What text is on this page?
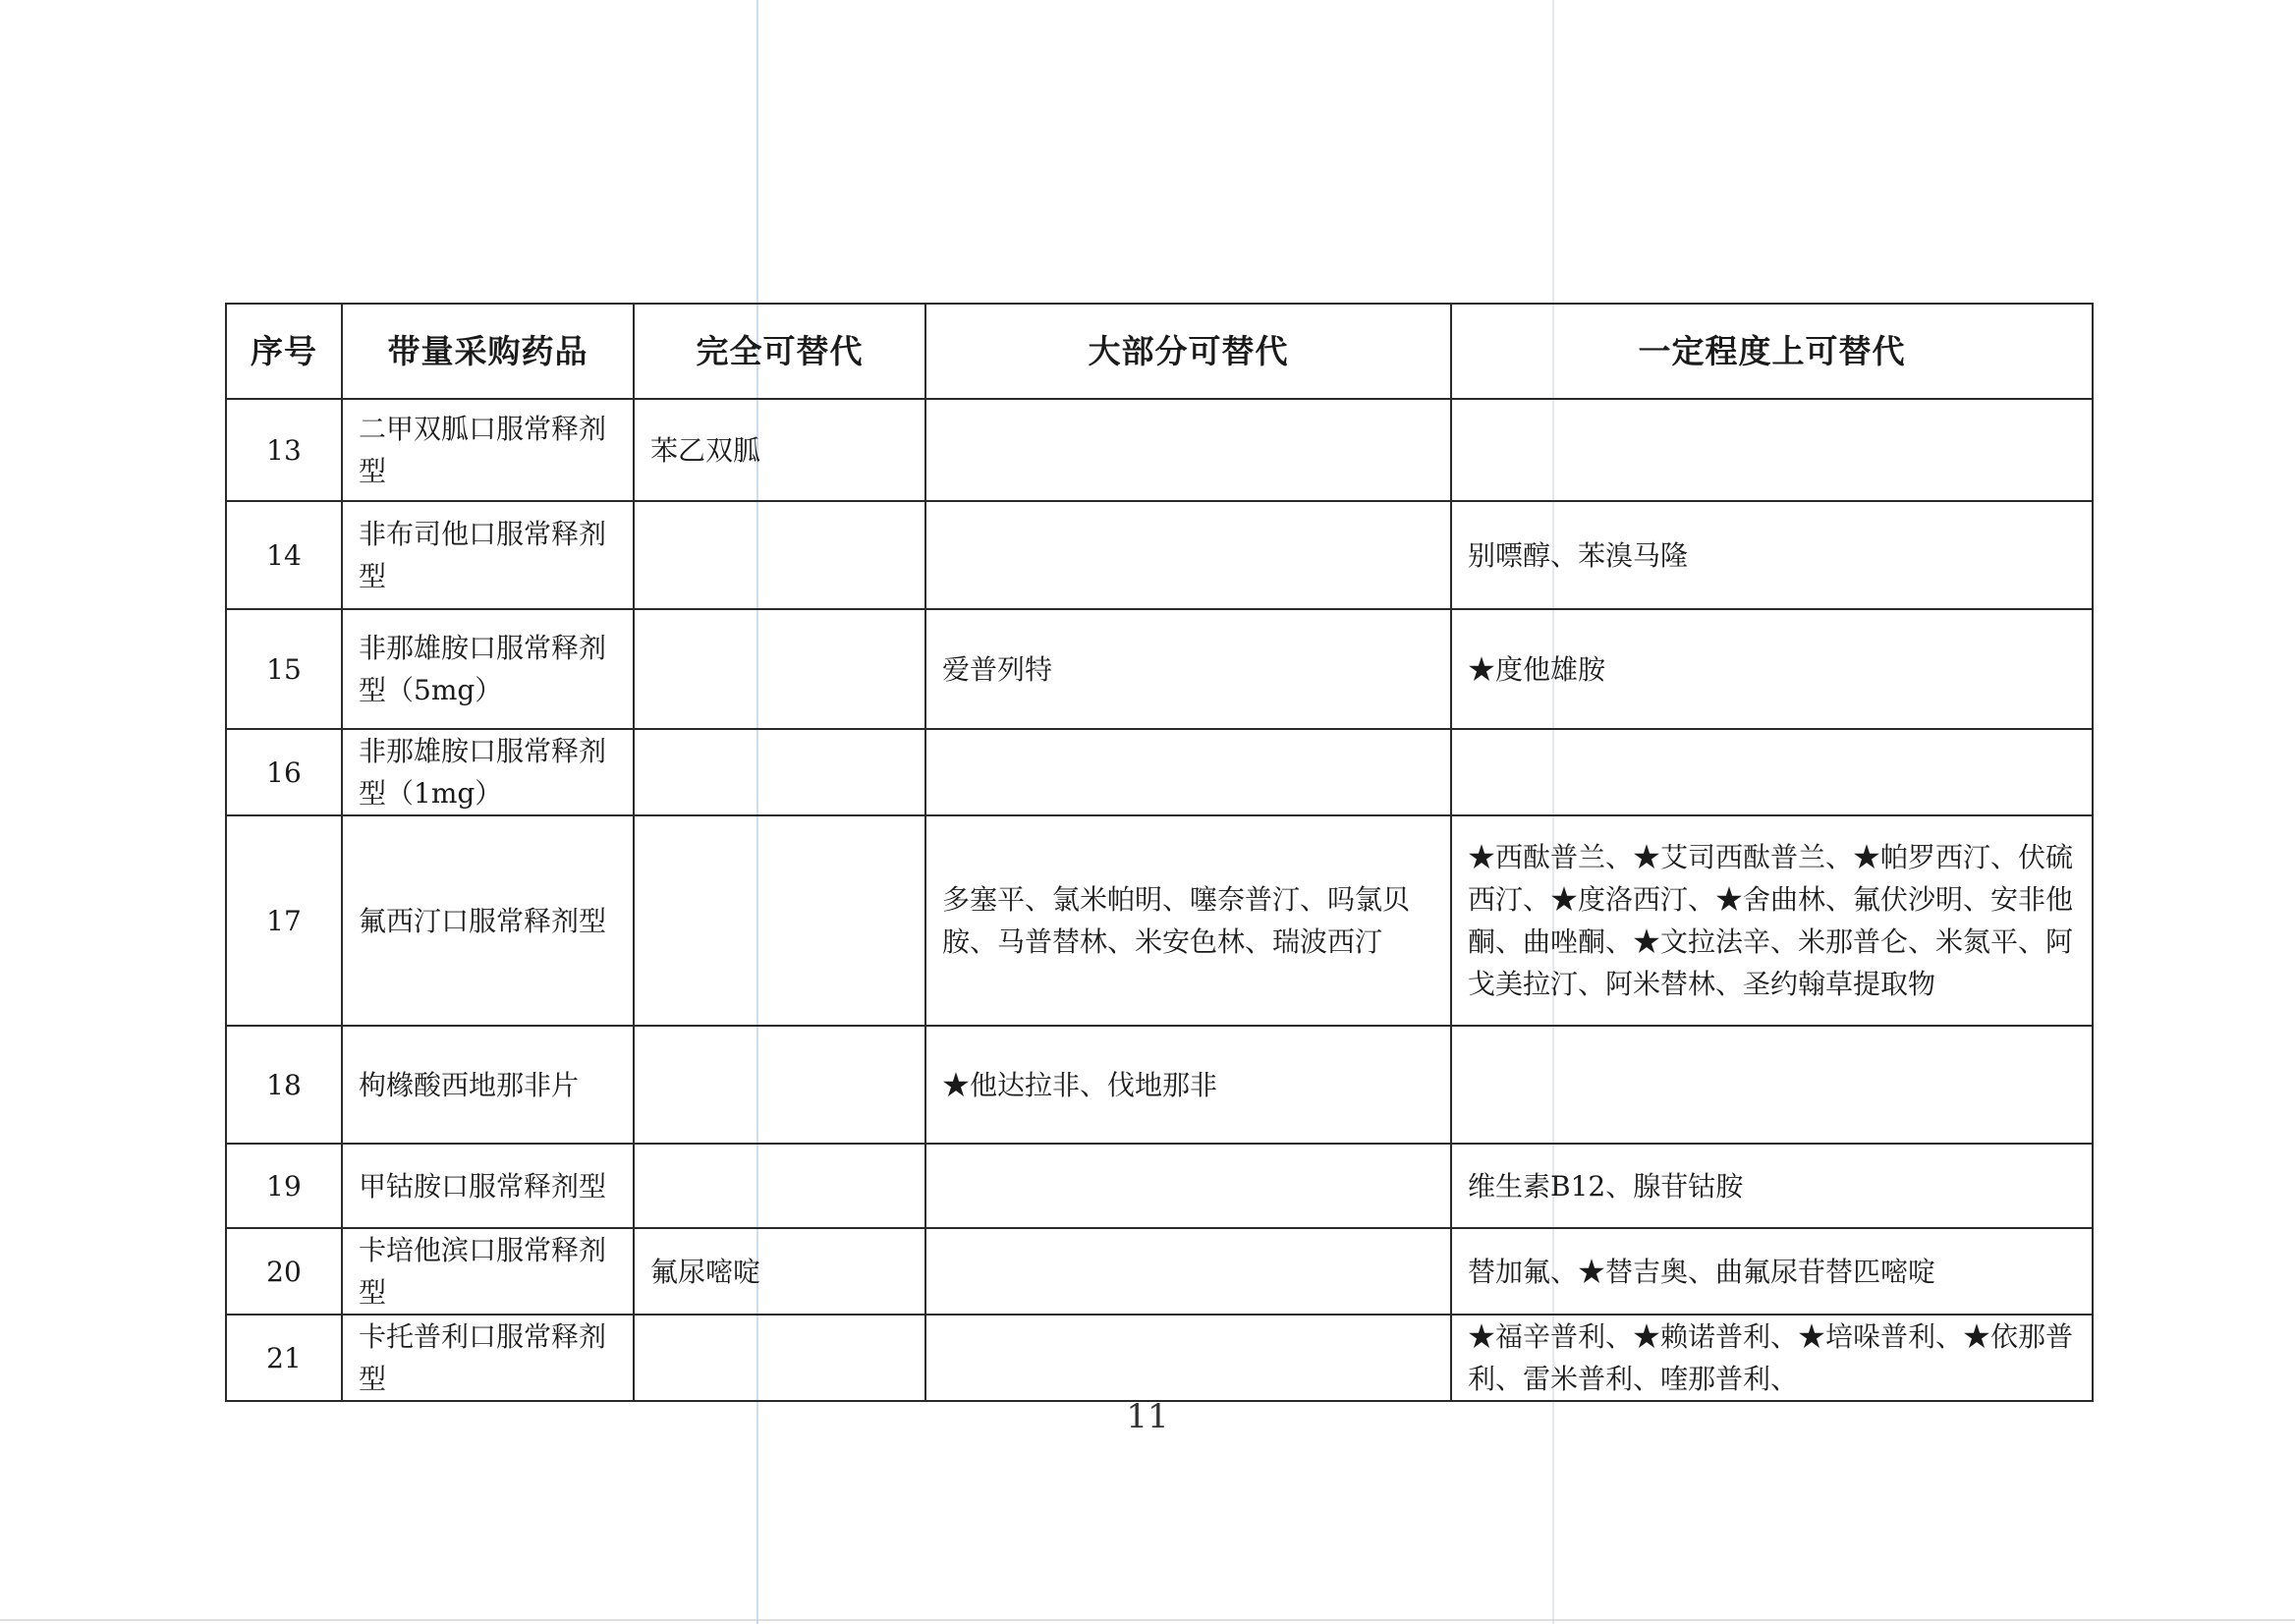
序号	带量采购药品	完全可替代	大部分可替代	一定程度上可替代
13	二甲双胍口服常释剂型	苯乙双胍		
14	非布司他口服常释剂型			别嘌醇、苯溴马隆
15	非那雄胺口服常释剂型（5mg）		爱普列特	★度他雄胺
16	非那雄胺口服常释剂型（1mg）			
17	氟西汀口服常释剂型		多塞平、氯米帕明、噻奈普汀、吗氯贝胺、马普替林、米安色林、瑞波西汀	★西酞普兰、★艾司西酞普兰、★帕罗西汀、伏硫西汀、★度洛西汀、★舍曲林、氟伏沙明、安非他酮、曲唑酮、★文拉法辛、米那普仑、米氮平、阿戈美拉汀、阿米替林、圣约翰草提取物
18	枸橼酸西地那非片		★他达拉非、伐地那非	
19	甲钴胺口服常释剂型			维生素B12、腺苷钴胺
20	卡培他滨口服常释剂型	氟尿嘧啶		替加氟、★替吉奥、曲氟尿苷替匹嘧啶
21	卡托普利口服常释剂型			★福辛普利、★赖诺普利、★培哚普利、★依那普利、雷米普利、喹那普利、
11
